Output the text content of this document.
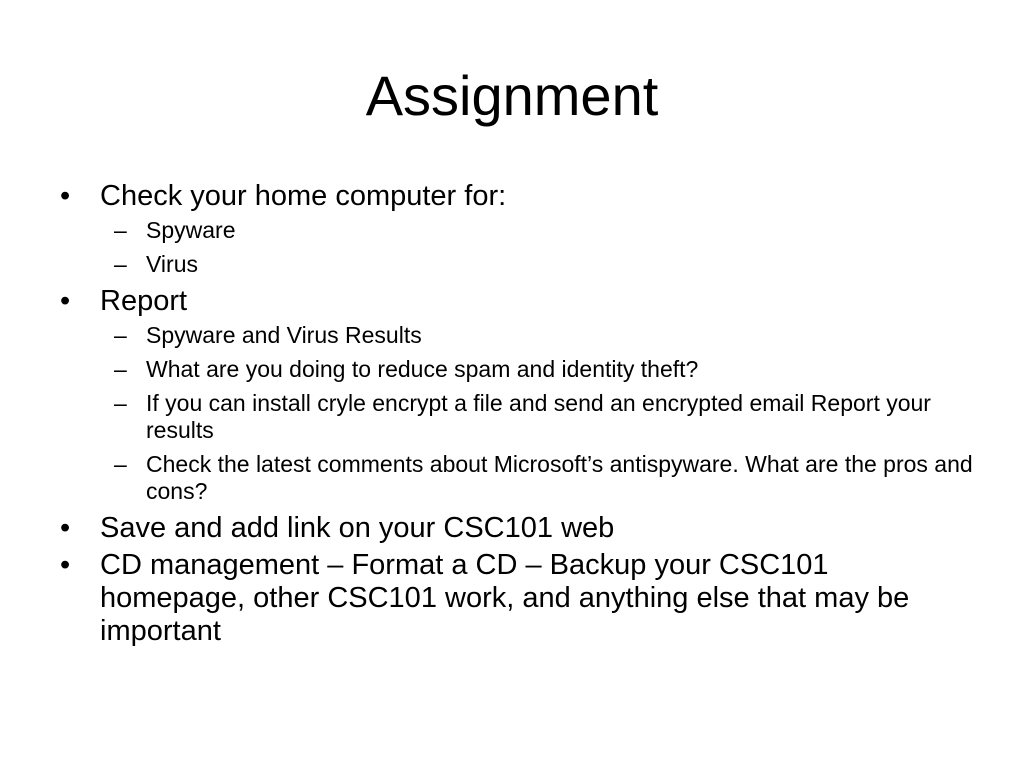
Assignment
• Check your home computer for:
– Spyware
– Virus
• Report
– Spyware and Virus Results
– What are you doing to reduce spam and identity theft?
– If you can install cryle encrypt a file and send an encrypted email Report your results
– Check the latest comments about Microsoft’s antispyware. What are the pros and cons?
• Save and add link on your CSC101 web
• CD management – Format a CD – Backup your CSC101 homepage, other CSC101 work, and anything else that may be important
